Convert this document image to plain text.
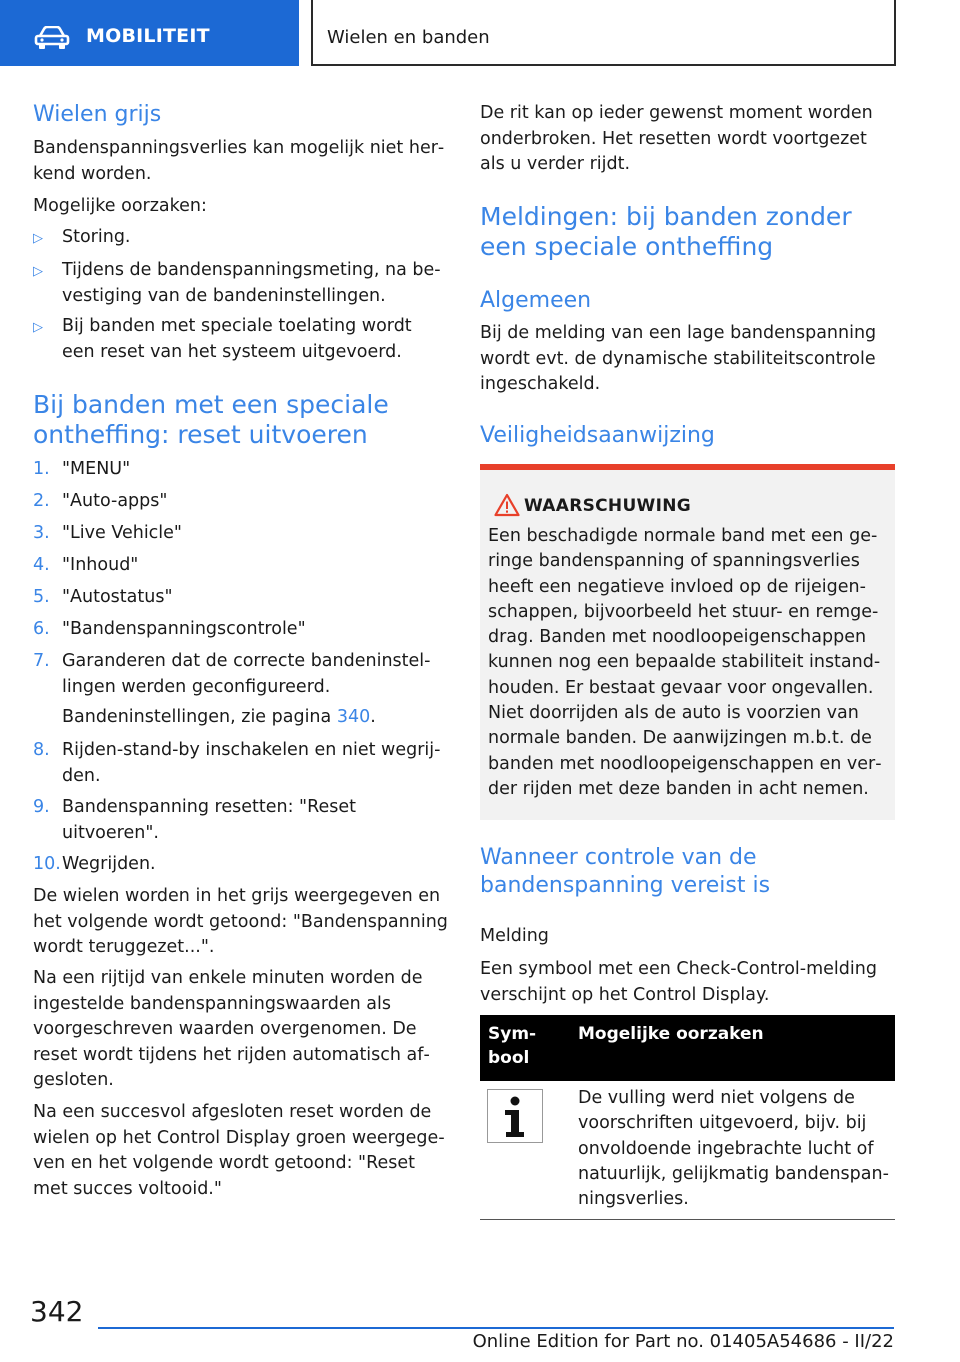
MOBILITEIT	Wielen en banden
Wielen grijs
Bandenspanningsverlies kan mogelijk niet herkend worden.
Mogelijke oorzaken:
▷ Storing.
▷ Tijdens de bandenspanningsmeting, na bevestiging van de bandeninstellingen.
▷ Bij banden met speciale toelating wordt een reset van het systeem uitgevoerd.
Bij banden met een speciale ontheffing: reset uitvoeren
1. "MENU"
2. "Auto-apps"
3. "Live Vehicle"
4. "Inhoud"
5. "Autostatus"
6. "Bandenspanningscontrole"
7. Garanderen dat de correcte bandeninstellingen werden geconfigureerd.
Bandeninstellingen, zie pagina 340.
8. Rijden-stand-by inschakelen en niet wegrijden.
9. Bandenspanning resetten: "Reset uitvoeren".
10. Wegrijden.
De wielen worden in het grijs weergegeven en het volgende wordt getoond: "Bandenspanning wordt teruggezet...".
Na een rijtijd van enkele minuten worden de ingestelde bandenspanningswaarden als voorgeschreven waarden overgenomen. De reset wordt tijdens het rijden automatisch afgesloten.
Na een succesvol afgesloten reset worden de wielen op het Control Display groen weergegeven en het volgende wordt getoond: "Reset met succes voltooid."
De rit kan op ieder gewenst moment worden onderbroken. Het resetten wordt voortgezet als u verder rijdt.
Meldingen: bij banden zonder een speciale ontheffing
Algemeen
Bij de melding van een lage bandenspanning wordt evt. de dynamische stabiliteitscontrole ingeschakeld.
Veiligheidsaanwijzing
Wanneer controle van de bandenspanning vereist is
Melding
Een symbool met een Check-Control-melding verschijnt op het Control Display.
WAARSCHUWING
Een beschadigde normale band met een geringe bandenspanning of spanningsverlies heeft een negatieve invloed op de rijeigenschappen, bijvoorbeeld het stuur- en remgedrag. Banden met noodloopeigenschappen kunnen nog een bepaalde stabiliteit instandhouden. Er bestaat gevaar voor ongevallen. Niet doorrijden als de auto is voorzien van normale banden. De aanwijzingen m.b.t. de banden met noodloopeigenschappen en verder rijden met deze banden in acht nemen.
Symbool
Mogelijke oorzaken
De vulling werd niet volgens de voorschriften uitgevoerd, bijv. bij onvoldoende ingebrachte lucht of natuurlijk, gelijkmatig bandenspanningsverlies.
342
Online Edition for Part no. 01405A54686 - II/22
